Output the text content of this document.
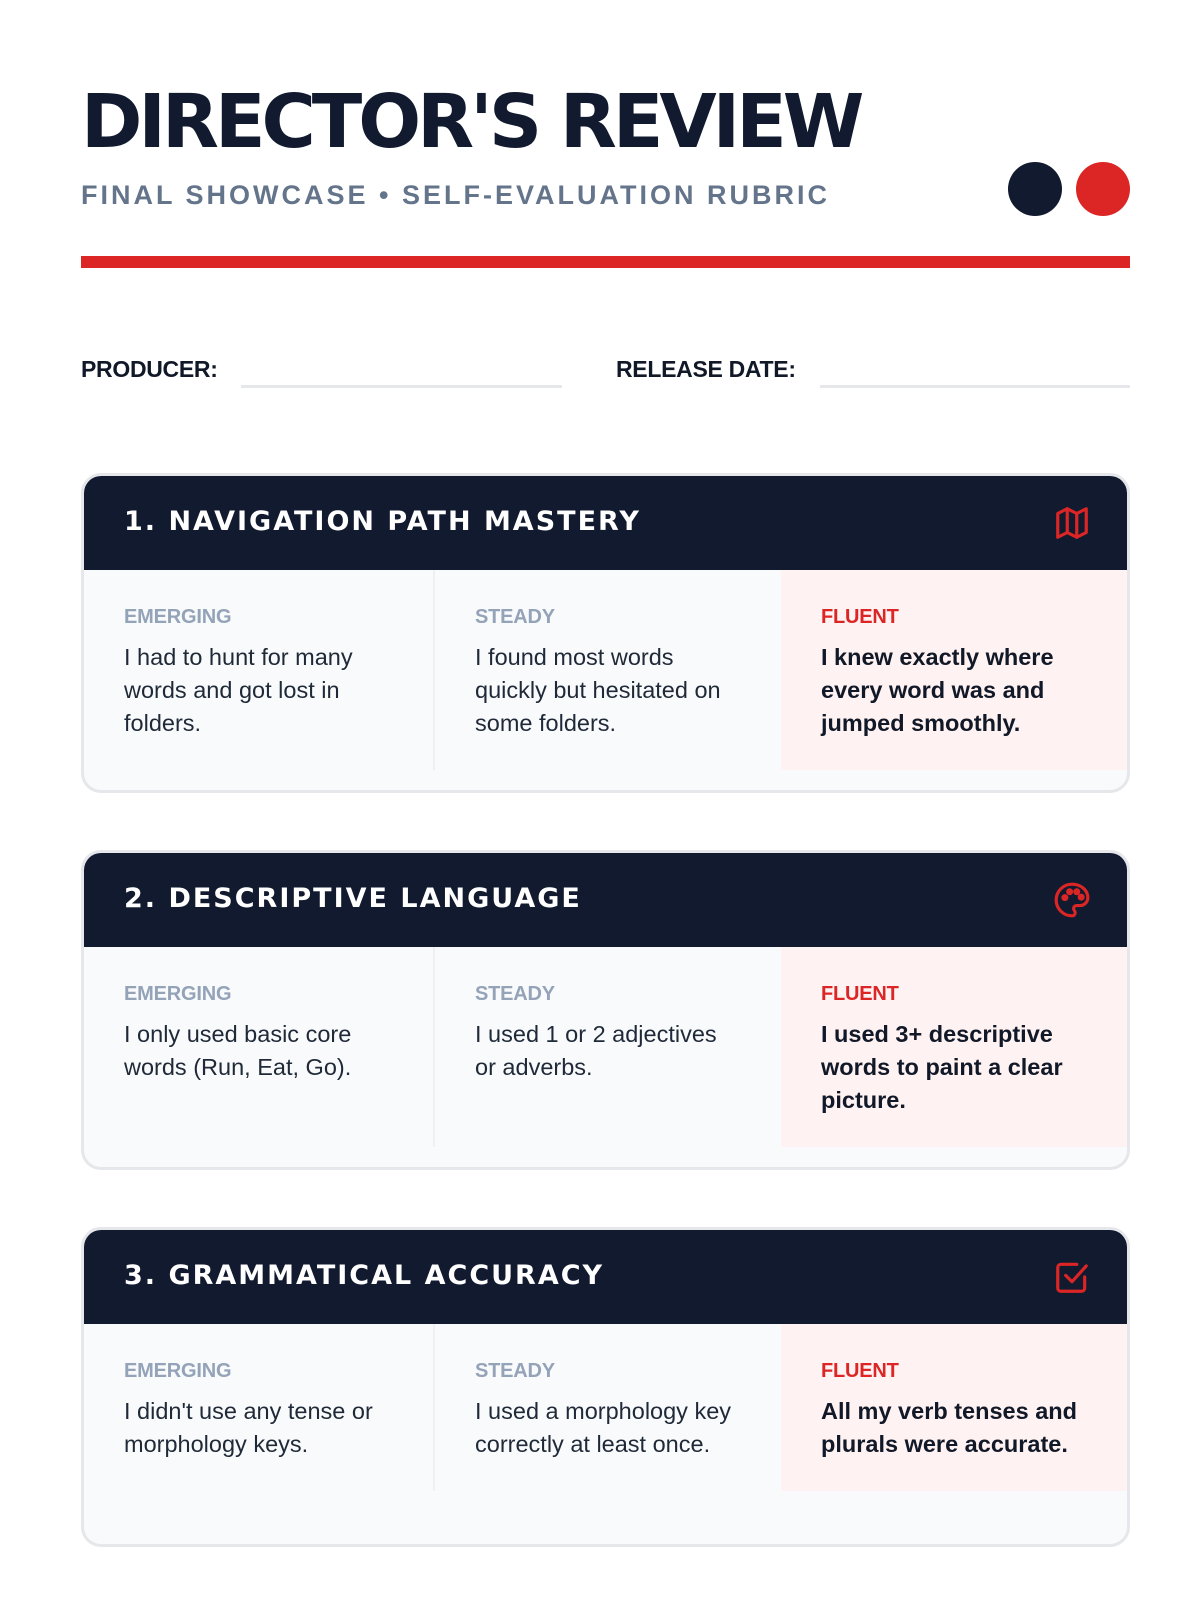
DIRECTOR'S REVIEW
FINAL SHOWCASE • SELF-EVALUATION RUBRIC
PRODUCER:	RELEASE DATE:
1. NAVIGATION PATH MASTERY
EMERGING
I had to hunt for many words and got lost in folders.
STEADY
I found most words quickly but hesitated on some folders.
FLUENT
I knew exactly where every word was and jumped smoothly.
2. DESCRIPTIVE LANGUAGE
EMERGING
I only used basic core words (Run, Eat, Go).
STEADY
I used 1 or 2 adjectives or adverbs.
FLUENT
I used 3+ descriptive words to paint a clear picture.
3. GRAMMATICAL ACCURACY
EMERGING
I didn't use any tense or morphology keys.
STEADY
I used a morphology key correctly at least once.
FLUENT
All my verb tenses and plurals were accurate.
